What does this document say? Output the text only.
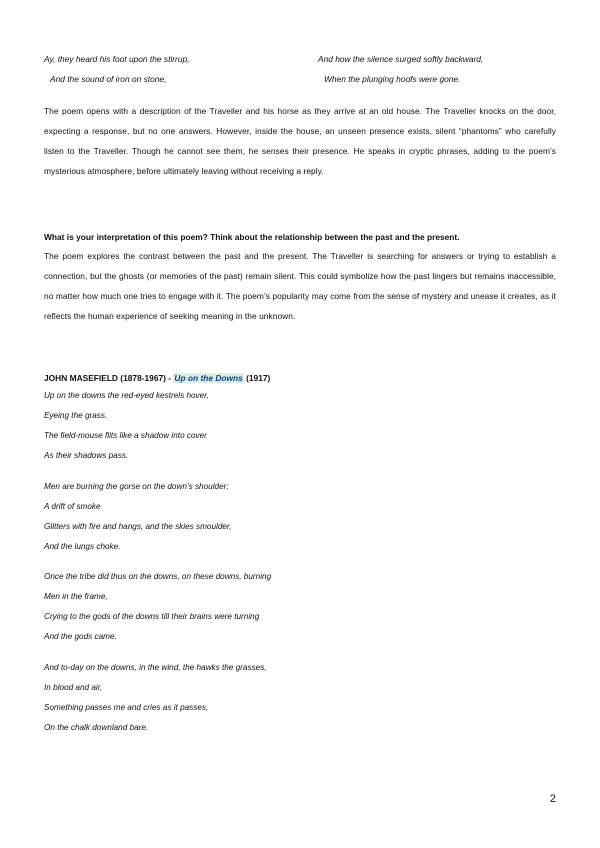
Ay, they heard his foot upon the stirrup,
And the sound of iron on stone,
And how the silence surged softly backward,
When the plunging hoofs were gone.
The poem opens with a description of the Traveller and his horse as they arrive at an old house. The Traveller knocks on the door, expecting a response, but no one answers. However, inside the house, an unseen presence exists, silent “phantoms” who carefully listen to the Traveller. Though he cannot see them, he senses their presence. He speaks in cryptic phrases, adding to the poem’s mysterious atmosphere, before ultimately leaving without receiving a reply.
What is your interpretation of this poem? Think about the relationship between the past and the present.
The poem explores the contrast between the past and the present. The Traveller is searching for answers or trying to establish a connection, but the ghosts (or memories of the past) remain silent. This could symbolize how the past lingers but remains inaccessible, no matter how much one tries to engage with it. The poem’s popularity may come from the sense of mystery and unease it creates, as it reflects the human experience of seeking meaning in the unknown.
JOHN MASEFIELD (1878-1967) - Up on the Downs (1917)
Up on the downs the red-eyed kestrels hover,
Eyeing the grass.
The field-mouse flits like a shadow into cover
As their shadows pass.
Men are burning the gorse on the down’s shoulder;
A drift of smoke
Glitters with fire and hangs, and the skies smoulder,
And the lungs choke.
Once the tribe did thus on the downs, on these downs, burning
Men in the frame,
Crying to the gods of the downs till their brains were turning
And the gods came.
And to-day on the downs, in the wind, the hawks the grasses,
In blood and air,
Something passes me and cries as it passes,
On the chalk downland bare.
2
